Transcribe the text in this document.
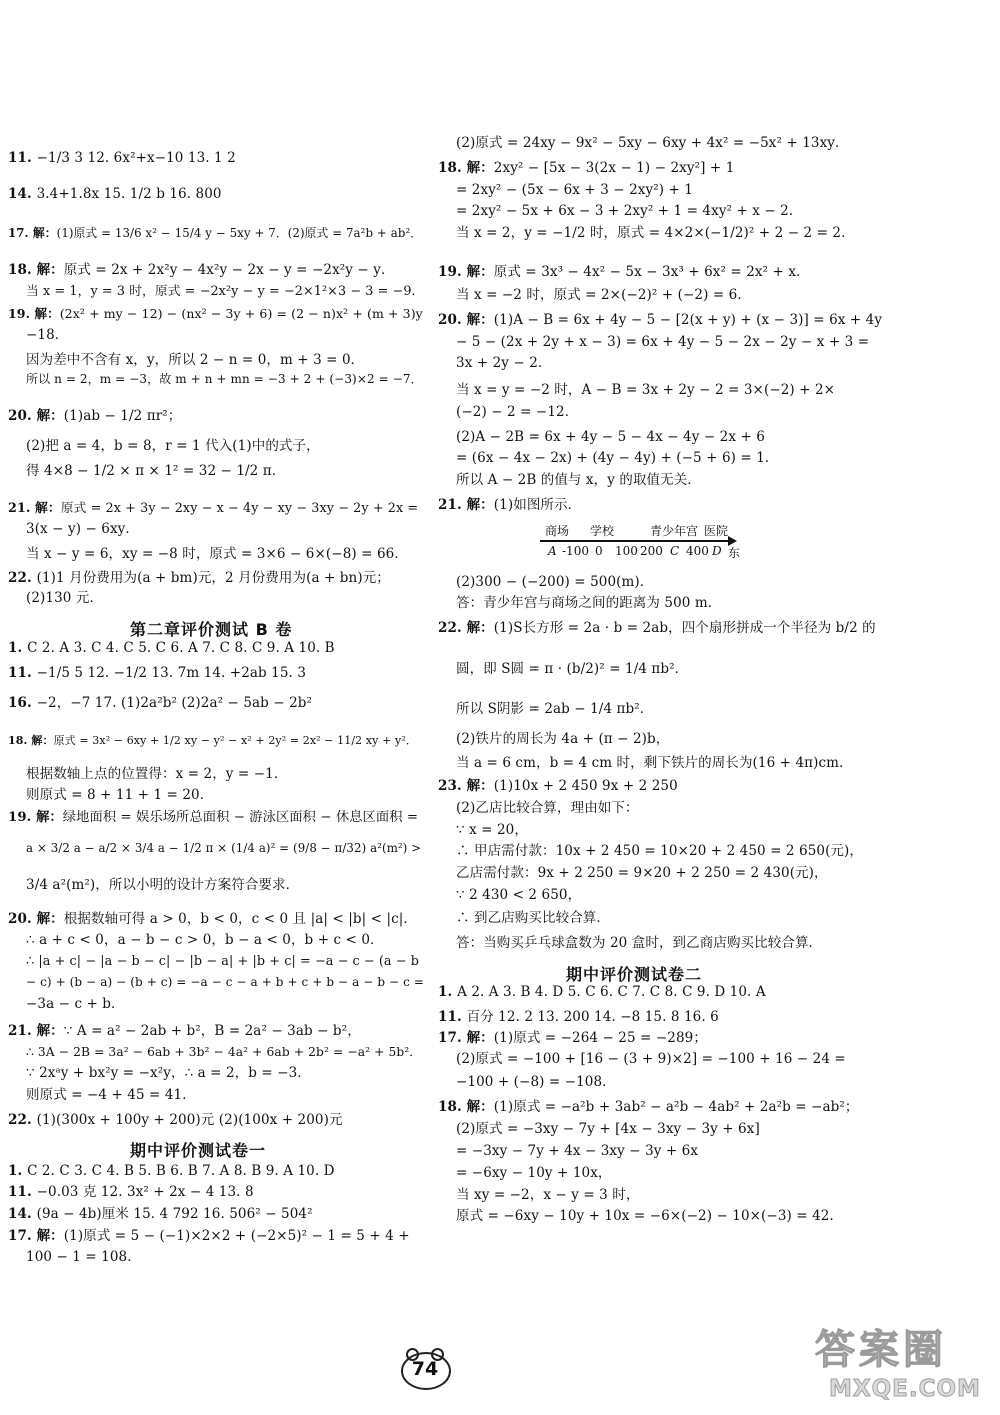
11. −1/3 3 12. 6x²+x−10 13. 1 2
14. 3.4+1.8x 15. 1/2 b 16. 800
17. 解：(1)原式 = 13/6 x² − 15/4 y − 5xy + 7．(2)原式 = 7a²b + ab²．
18. 解：原式 = 2x + 2x²y − 4x²y − 2x − y = −2x²y − y．
当 x = 1，y = 3 时，原式 = −2x²y − y = −2×1²×3 − 3 = −9．
19. 解：(2x² + my − 12) − (nx² − 3y + 6) = (2 − n)x² + (m + 3)y
−18．
因为差中不含有 x，y，所以 2 − n = 0，m + 3 = 0．
所以 n = 2，m = −3，故 m + n + mn = −3 + 2 + (−3)×2 = −7．
20. 解：(1)ab − 1/2 πr²；
(2)把 a = 4，b = 8，r = 1 代入(1)中的式子，
得 4×8 − 1/2 × π × 1² = 32 − 1/2 π．
21. 解：原式 = 2x + 3y − 2xy − x − 4y − xy − 3xy − 2y + 2x =
3(x − y) − 6xy．
当 x − y = 6，xy = −8 时，原式 = 3×6 − 6×(−8) = 66．
22. (1)1 月份费用为(a + bm)元，2 月份费用为(a + bn)元；
(2)130 元．
第二章评价测试 B 卷
1. C 2. A 3. C 4. C 5. C 6. A 7. C 8. C 9. A 10. B
11. −1/5 5 12. −1/2 13. 7m 14. +2ab 15. 3
16. −2，−7 17. (1)2a²b² (2)2a² − 5ab − 2b²
18. 解：原式 = 3x² − 6xy + 1/2 xy − y² − x² + 2y² = 2x² − 11/2 xy + y²．
根据数轴上点的位置得：x = 2，y = −1．
则原式 = 8 + 11 + 1 = 20．
19. 解：绿地面积 = 娱乐场所总面积 − 游泳区面积 − 休息区面积 =
a × 3/2 a − a/2 × 3/4 a − 1/2 π × (1/4 a)² = (9/8 − π/32) a²(m²) >
3/4 a²(m²)，所以小明的设计方案符合要求．
20. 解：根据数轴可得 a > 0，b < 0，c < 0 且 |a| < |b| < |c|．
∴ a + c < 0，a − b − c > 0，b − a < 0，b + c < 0．
∴ |a + c| − |a − b − c| − |b − a| + |b + c| = −a − c − (a − b
− c) + (b − a) − (b + c) = −a − c − a + b + c + b − a − b − c =
−3a − c + b．
21. 解：∵ A = a² − 2ab + b²，B = 2a² − 3ab − b²，
∴ 3A − 2B = 3a² − 6ab + 3b² − 4a² + 6ab + 2b² = −a² + 5b²．
∵ 2xᵃy + bx²y = −x²y，∴ a = 2，b = −3．
则原式 = −4 + 45 = 41．
22. (1)(300x + 100y + 200)元 (2)(100x + 200)元
期中评价测试卷一
1. C 2. C 3. C 4. B 5. B 6. B 7. A 8. B 9. A 10. D
11. −0.03 克 12. 3x² + 2x − 4 13. 8
14. (9a − 4b)厘米 15. 4 792 16. 506² − 504²
17. 解：(1)原式 = 5 − (−1)×2×2 + (−2×5)² − 1 = 5 + 4 +
100 − 1 = 108．
(2)原式 = 24xy − 9x² − 5xy − 6xy + 4x² = −5x² + 13xy．
18. 解：2xy² − [5x − 3(2x − 1) − 2xy²] + 1
= 2xy² − (5x − 6x + 3 − 2xy²) + 1
= 2xy² − 5x + 6x − 3 + 2xy² + 1 = 4xy² + x − 2．
当 x = 2，y = −1/2 时，原式 = 4×2×(−1/2)² + 2 − 2 = 2．
19. 解：原式 = 3x³ − 4x² − 5x − 3x³ + 6x² = 2x² + x．
当 x = −2 时，原式 = 2×(−2)² + (−2) = 6．
20. 解：(1)A − B = 6x + 4y − 5 − [2(x + y) + (x − 3)] = 6x + 4y
− 5 − (2x + 2y + x − 3) = 6x + 4y − 5 − 2x − 2y − x + 3 =
3x + 2y − 2．
当 x = y = −2 时，A − B = 3x + 2y − 2 = 3×(−2) + 2×
(−2) − 2 = −12．
(2)A − 2B = 6x + 4y − 5 − 4x − 4y − 2x + 6
= (6x − 4x − 2x) + (4y − 4y) + (−5 + 6) = 1．
所以 A − 2B 的值与 x，y 的取值无关．
21. 解：(1)如图所示．
(2)300 − (−200) = 500(m)．
答：青少年宫与商场之间的距离为 500 m．
22. 解：(1)S长方形 = 2a · b = 2ab，四个扇形拼成一个半径为 b/2 的
圆，即 S圆 = π · (b/2)² = 1/4 πb²．
所以 S阴影 = 2ab − 1/4 πb²．
(2)铁片的周长为 4a + (π − 2)b，
当 a = 6 cm，b = 4 cm 时，剩下铁片的周长为(16 + 4π)cm．
23. 解：(1)10x + 2 450 9x + 2 250
(2)乙店比较合算，理由如下：
∵ x = 20，
∴ 甲店需付款：10x + 2 450 = 10×20 + 2 450 = 2 650(元)，
乙店需付款：9x + 2 250 = 9×20 + 2 250 = 2 430(元)，
∵ 2 430 < 2 650，
∴ 到乙店购买比较合算．
答：当购买乒乓球盒数为 20 盒时，到乙商店购买比较合算．
期中评价测试卷二
1. A 2. A 3. B 4. D 5. C 6. C 7. C 8. C 9. D 10. A
11. 百分 12. 2 13. 200 14. −8 15. 8 16. 6
17. 解：(1)原式 = −264 − 25 = −289；
(2)原式 = −100 + [16 − (3 + 9)×2] = −100 + 16 − 24 =
−100 + (−8) = −108．
18. 解：(1)原式 = −a²b + 3ab² − a²b − 4ab² + 2a²b = −ab²；
(2)原式 = −3xy − 7y + [4x − 3xy − 3y + 6x]
= −3xy − 7y + 4x − 3xy − 3y + 6x
= −6xy − 10y + 10x，
当 xy = −2，x − y = 3 时，
原式 = −6xy − 10y + 10x = −6×(−2) − 10×(−3) = 42．
商场 学校	青少年宫 医院
A -100 0 100 200 C 400 D 东
74	答案圈
MXQE.COM
